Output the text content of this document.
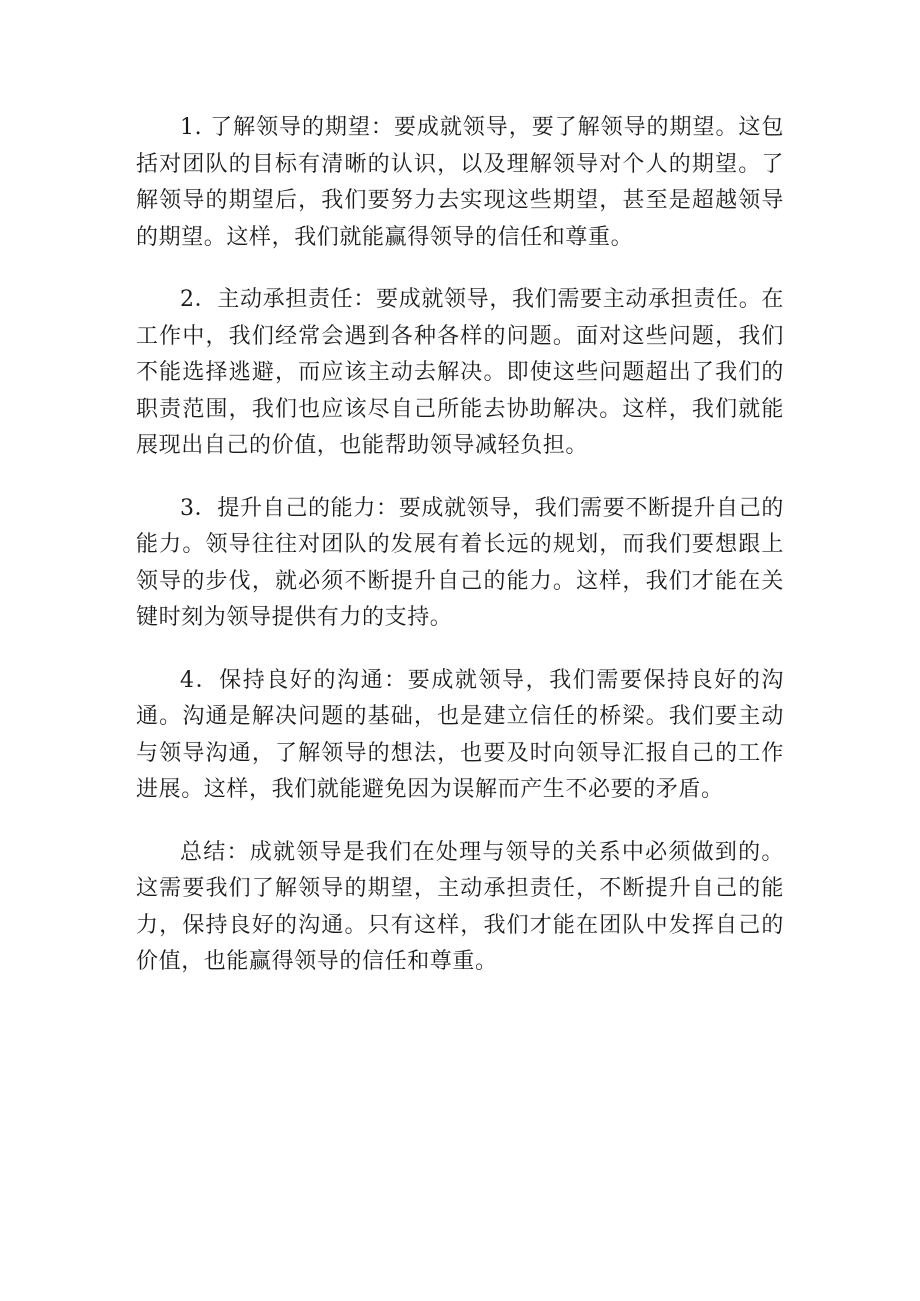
1. 了解领导的期望：要成就领导，要了解领导的期望。这包括对团队的目标有清晰的认识，以及理解领导对个人的期望。了解领导的期望后，我们要努力去实现这些期望，甚至是超越领导的期望。这样，我们就能赢得领导的信任和尊重。

2．主动承担责任：要成就领导，我们需要主动承担责任。在工作中，我们经常会遇到各种各样的问题。面对这些问题，我们不能选择逃避，而应该主动去解决。即使这些问题超出了我们的职责范围，我们也应该尽自己所能去协助解决。这样，我们就能展现出自己的价值，也能帮助领导减轻负担。

3．提升自己的能力：要成就领导，我们需要不断提升自己的能力。领导往往对团队的发展有着长远的规划，而我们要想跟上领导的步伐，就必须不断提升自己的能力。这样，我们才能在关键时刻为领导提供有力的支持。

4．保持良好的沟通：要成就领导，我们需要保持良好的沟通。沟通是解决问题的基础，也是建立信任的桥梁。我们要主动与领导沟通，了解领导的想法，也要及时向领导汇报自己的工作进展。这样，我们就能避免因为误解而产生不必要的矛盾。

总结：成就领导是我们在处理与领导的关系中必须做到的。这需要我们了解领导的期望，主动承担责任，不断提升自己的能力，保持良好的沟通。只有这样，我们才能在团队中发挥自己的价值，也能赢得领导的信任和尊重。
